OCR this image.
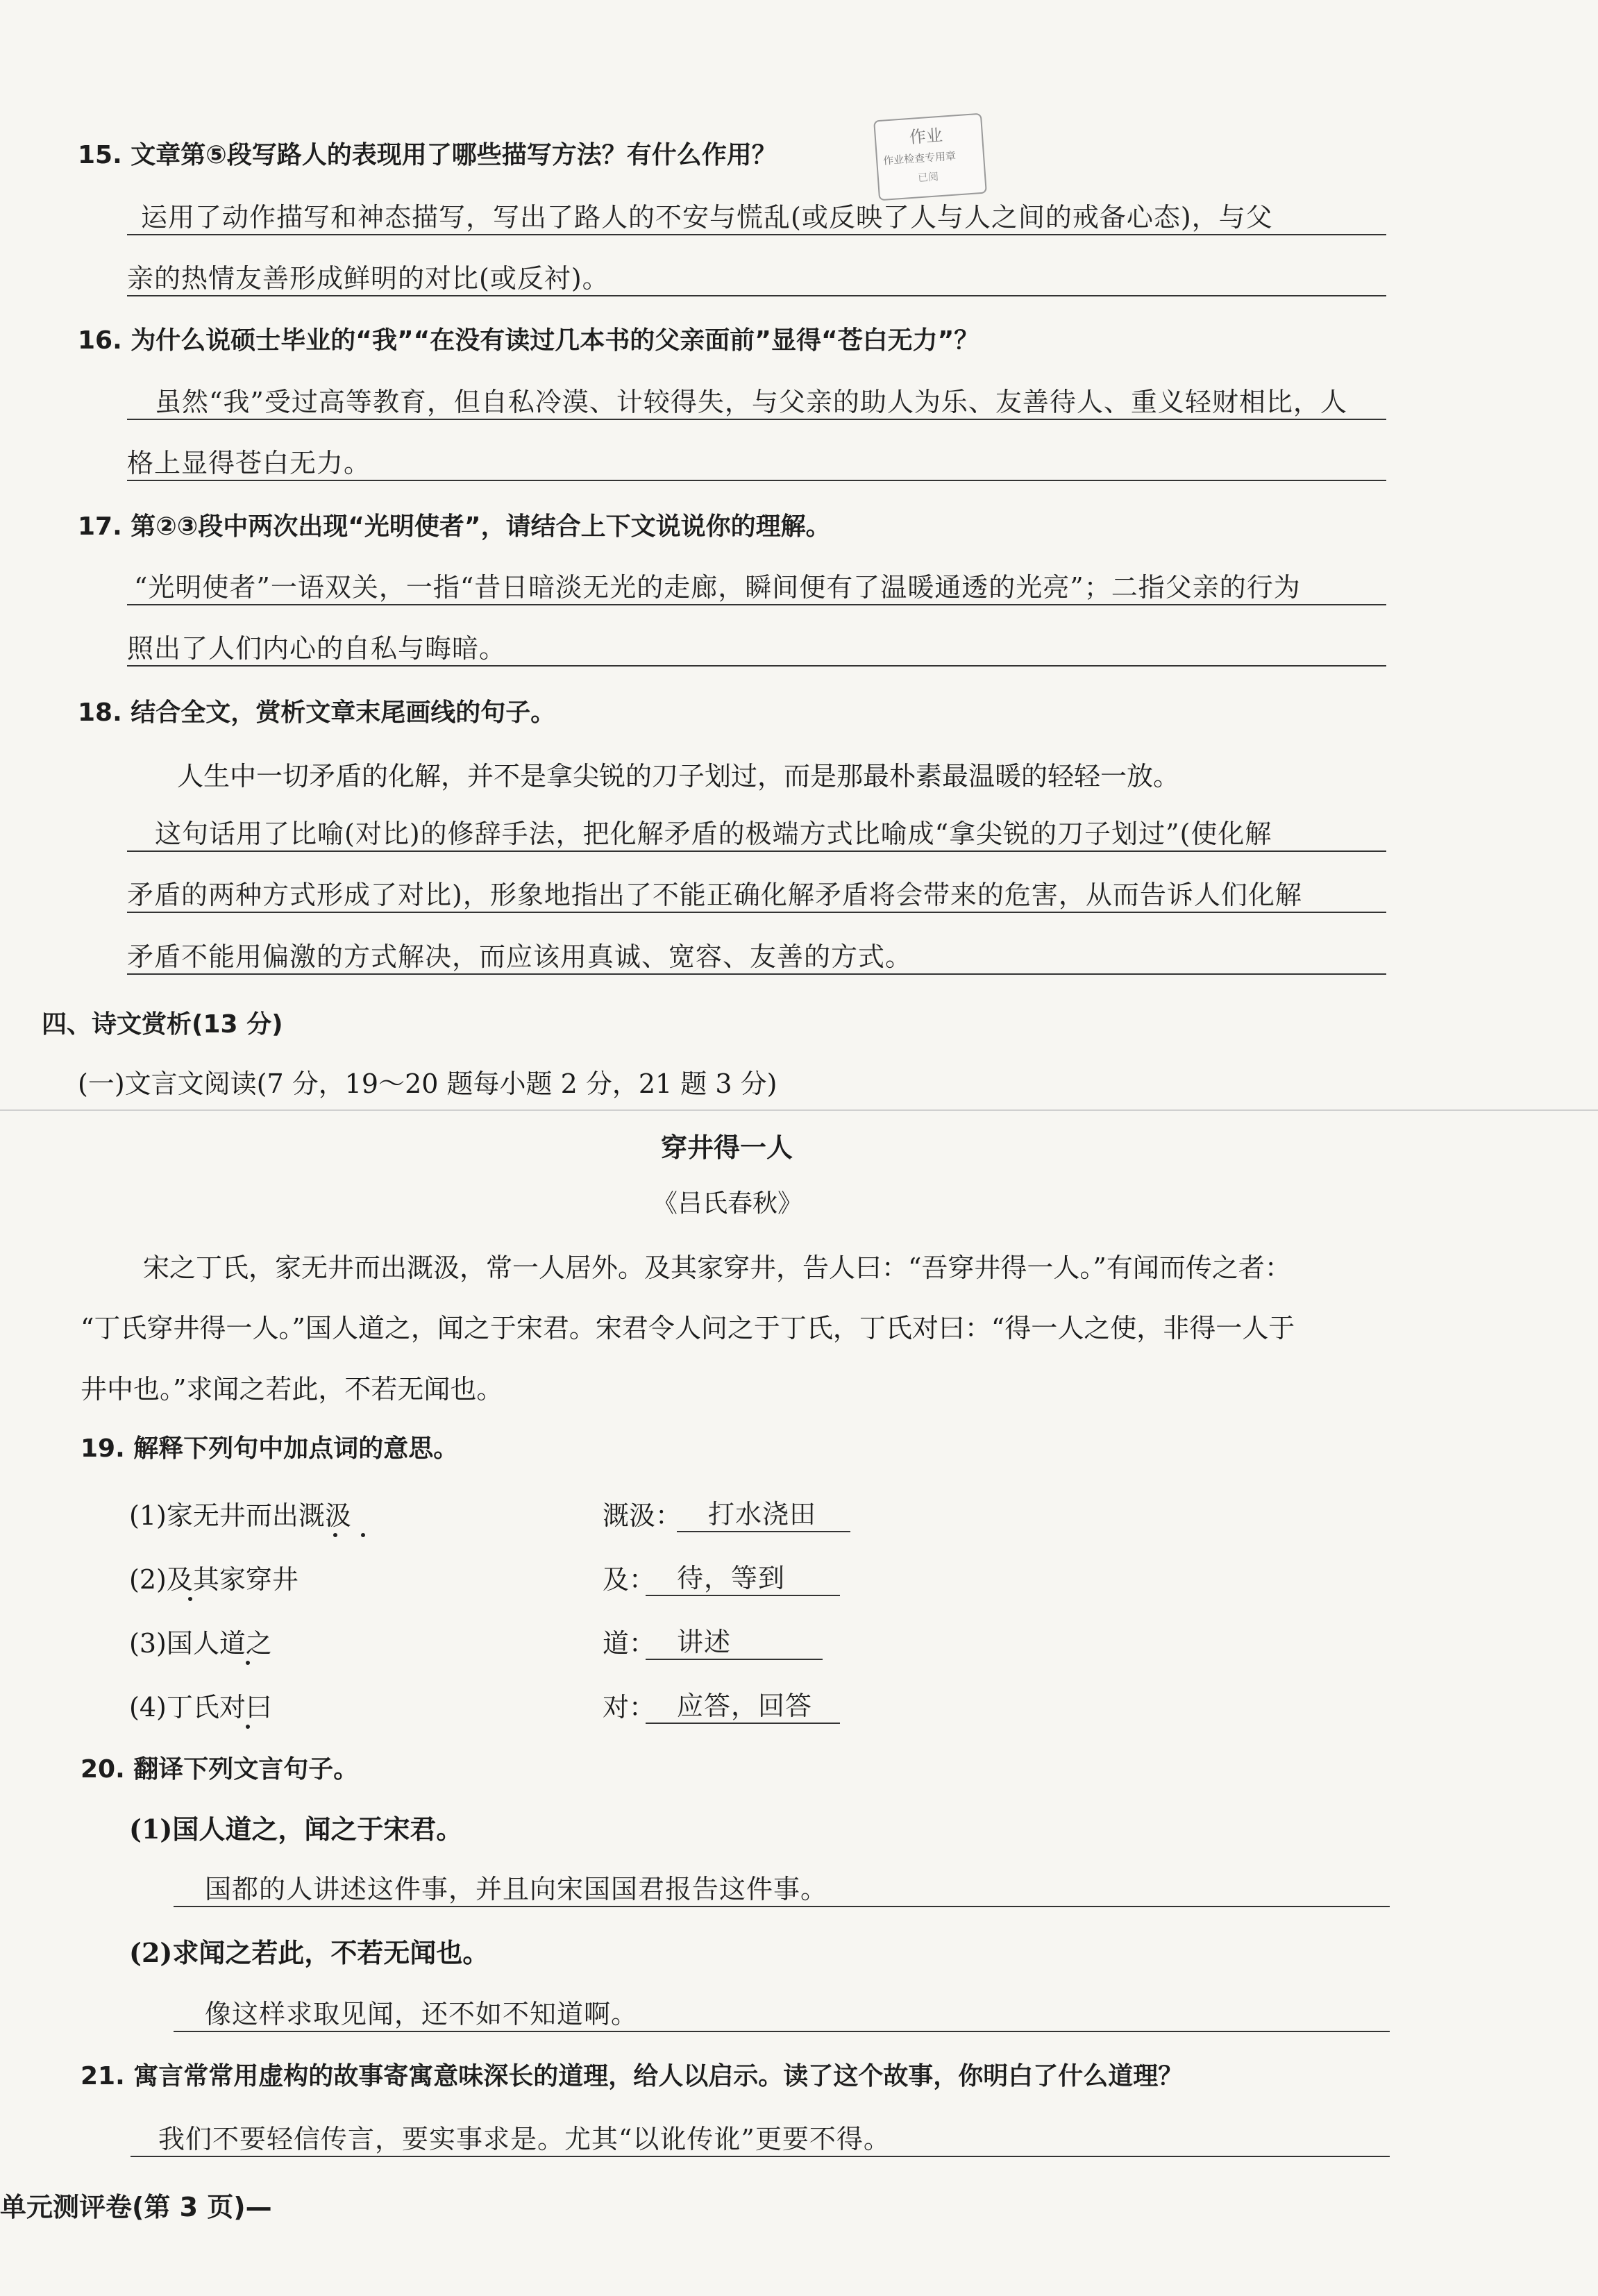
作业
作业检查专用章
已阅
15. 文章第⑤段写路人的表现用了哪些描写方法？有什么作用？
运用了动作描写和神态描写，写出了路人的不安与慌乱(或反映了人与人之间的戒备心态)，与父
亲的热情友善形成鲜明的对比(或反衬)。
16. 为什么说硕士毕业的“我”“在没有读过几本书的父亲面前”显得“苍白无力”？
虽然“我”受过高等教育，但自私冷漠、计较得失，与父亲的助人为乐、友善待人、重义轻财相比，人
格上显得苍白无力。
17. 第②③段中两次出现“光明使者”，请结合上下文说说你的理解。
“光明使者”一语双关，一指“昔日暗淡无光的走廊，瞬间便有了温暖通透的光亮”；二指父亲的行为
照出了人们内心的自私与晦暗。
18. 结合全文，赏析文章末尾画线的句子。
人生中一切矛盾的化解，并不是拿尖锐的刀子划过，而是那最朴素最温暖的轻轻一放。
这句话用了比喻(对比)的修辞手法，把化解矛盾的极端方式比喻成“拿尖锐的刀子划过”(使化解
矛盾的两种方式形成了对比)，形象地指出了不能正确化解矛盾将会带来的危害，从而告诉人们化解
矛盾不能用偏激的方式解决，而应该用真诚、宽容、友善的方式。
四、诗文赏析(13 分)
(一)文言文阅读(7 分，19～20 题每小题 2 分，21 题 3 分)
穿井得一人
《吕氏春秋》
宋之丁氏，家无井而出溉汲，常一人居外。及其家穿井，告人曰：“吾穿井得一人。”有闻而传之者：
“丁氏穿井得一人。”国人道之，闻之于宋君。宋君令人问之于丁氏，丁氏对曰：“得一人之使，非得一人于
井中也。”求闻之若此，不若无闻也。
19. 解释下列句中加点词的意思。
(1)家无井而出溉汲	溉汲： 打水浇田
(2)及其家穿井	及： 待，等到
(3)国人道之	道： 讲述
(4)丁氏对曰	对： 应答，回答
20. 翻译下列文言句子。
(1)国人道之，闻之于宋君。
国都的人讲述这件事，并且向宋国国君报告这件事。
(2)求闻之若此，不若无闻也。
像这样求取见闻，还不如不知道啊。
21. 寓言常常用虚构的故事寄寓意味深长的道理，给人以启示。读了这个故事，你明白了什么道理？
我们不要轻信传言，要实事求是。尤其“以讹传讹”更要不得。
单元测评卷(第 3 页)—
